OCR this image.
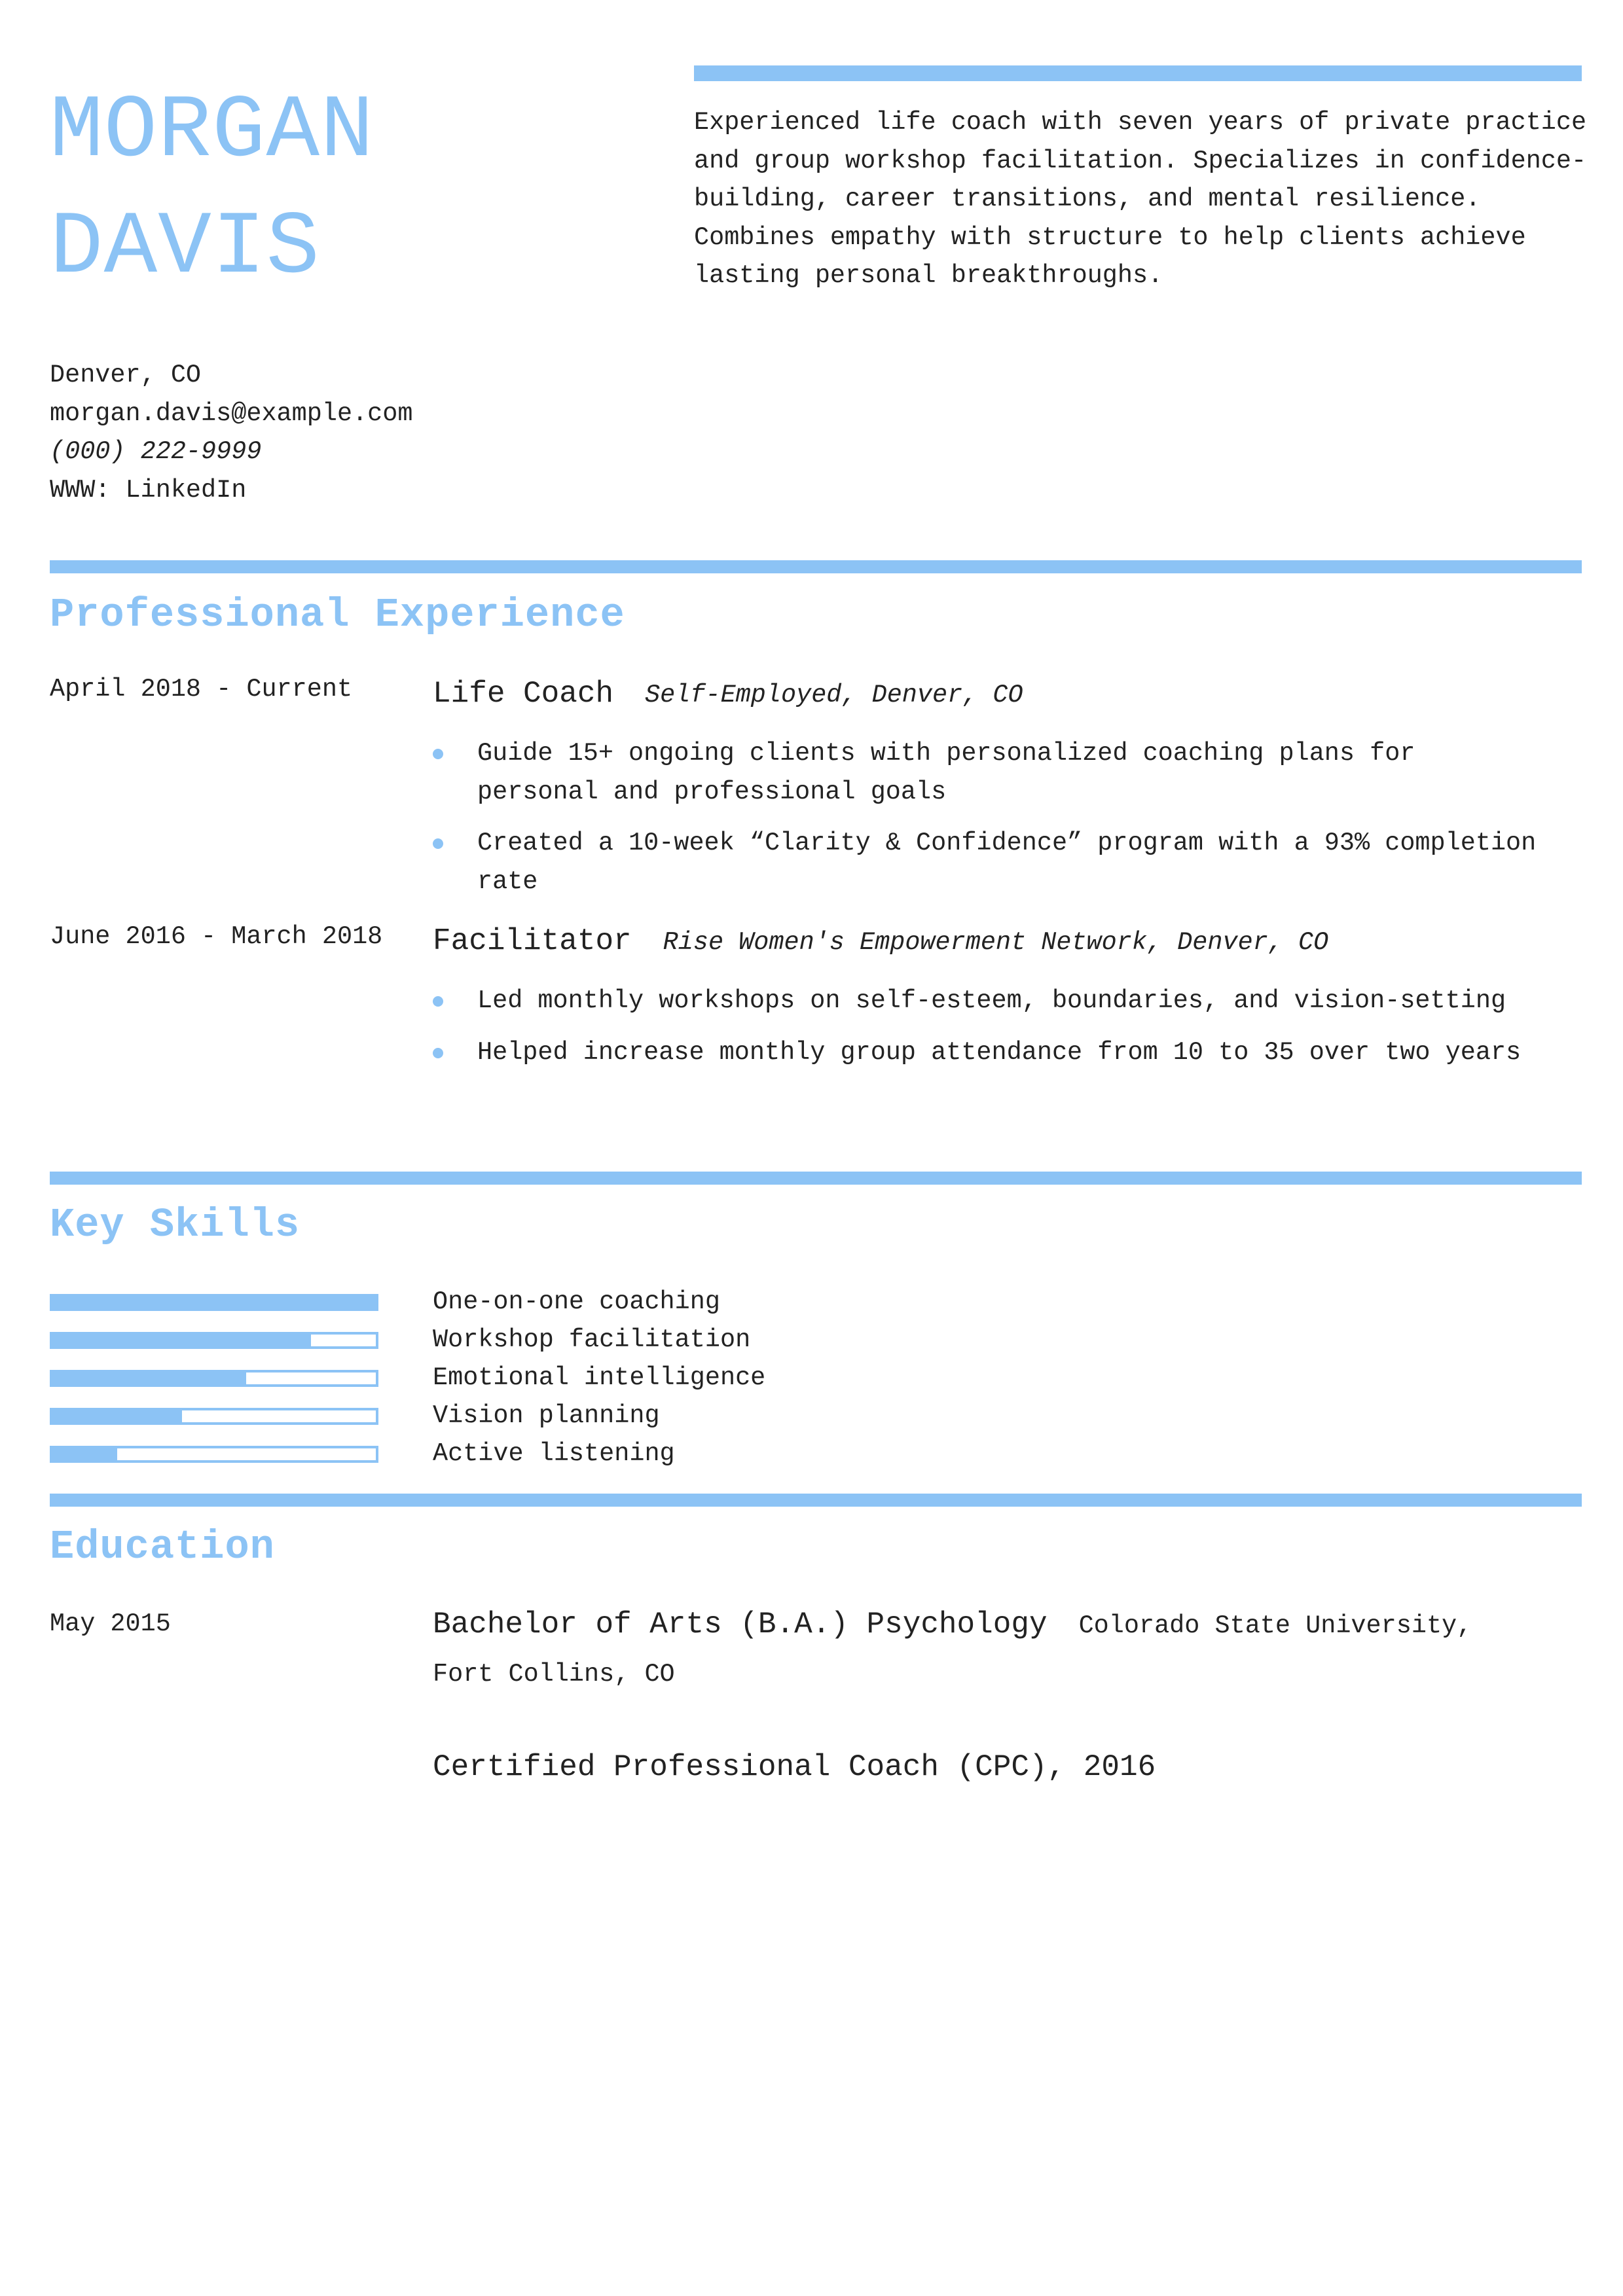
MORGAN
DAVIS

Experienced life coach with seven years of private practice and group workshop facilitation. Specializes in confidence-building, career transitions, and mental resilience. Combines empathy with structure to help clients achieve lasting personal breakthroughs.

Denver, CO
morgan.davis@example.com
(000) 222-9999
WWW: LinkedIn
Professional Experience
April 2018 - Current	Life Coach Self-Employed, Denver, CO
Guide 15+ ongoing clients with personalized coaching plans for personal and professional goals
Created a 10-week “Clarity & Confidence” program with a 93% completion rate
June 2016 - March 2018 Facilitator Rise Women's Empowerment Network, Denver, CO
Led monthly workshops on self-esteem, boundaries, and vision-setting
Helped increase monthly group attendance from 10 to 35 over two years
Key Skills
One-on-one coaching
Workshop facilitation
Emotional intelligence
Vision planning
Active listening
Education
May 2015	Bachelor of Arts (B.A.) Psychology Colorado State University,
Fort Collins, CO
Certified Professional Coach (CPC), 2016
